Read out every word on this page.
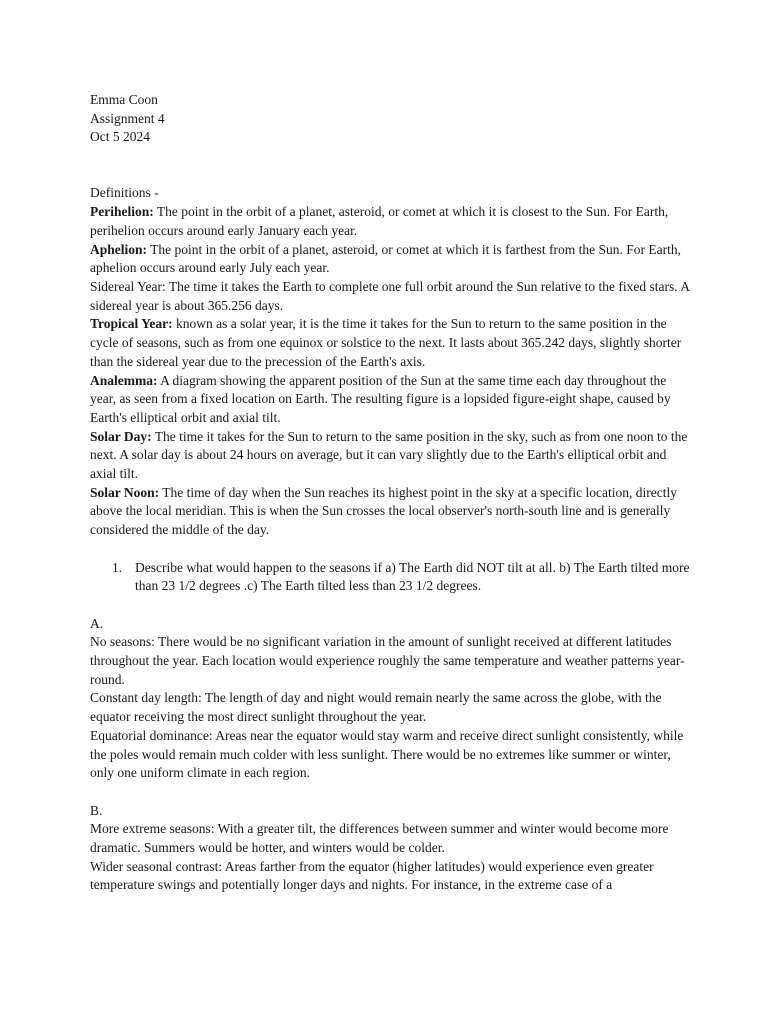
Emma Coon
Assignment 4
Oct 5 2024
Definitions -

Perihelion: The point in the orbit of a planet, asteroid, or comet at which it is closest to the Sun. For Earth, perihelion occurs around early January each year.

Aphelion: The point in the orbit of a planet, asteroid, or comet at which it is farthest from the Sun. For Earth, aphelion occurs around early July each year.

Sidereal Year: The time it takes the Earth to complete one full orbit around the Sun relative to the fixed stars. A sidereal year is about 365.256 days.

Tropical Year: known as a solar year, it is the time it takes for the Sun to return to the same position in the cycle of seasons, such as from one equinox or solstice to the next. It lasts about 365.242 days, slightly shorter than the sidereal year due to the precession of the Earth's axis.

Analemma: A diagram showing the apparent position of the Sun at the same time each day throughout the year, as seen from a fixed location on Earth. The resulting figure is a lopsided figure-eight shape, caused by Earth's elliptical orbit and axial tilt.

Solar Day: The time it takes for the Sun to return to the same position in the sky, such as from one noon to the next. A solar day is about 24 hours on average, but it can vary slightly due to the Earth's elliptical orbit and axial tilt.

Solar Noon: The time of day when the Sun reaches its highest point in the sky at a specific location, directly above the local meridian. This is when the Sun crosses the local observer's north-south line and is generally considered the middle of the day.

1. Describe what would happen to the seasons if a) The Earth did NOT tilt at all. b) The Earth tilted more than 23 1/2 degrees .c) The Earth tilted less than 23 1/2 degrees.
A.

No seasons: There would be no significant variation in the amount of sunlight received at different latitudes throughout the year. Each location would experience roughly the same temperature and weather patterns year-round.

Constant day length: The length of day and night would remain nearly the same across the globe, with the equator receiving the most direct sunlight throughout the year.

Equatorial dominance: Areas near the equator would stay warm and receive direct sunlight consistently, while the poles would remain much colder with less sunlight. There would be no extremes like summer or winter, only one uniform climate in each region.

B.

More extreme seasons: With a greater tilt, the differences between summer and winter would become more dramatic. Summers would be hotter, and winters would be colder.

Wider seasonal contrast: Areas farther from the equator (higher latitudes) would experience even greater temperature swings and potentially longer days and nights. For instance, in the extreme case of a
